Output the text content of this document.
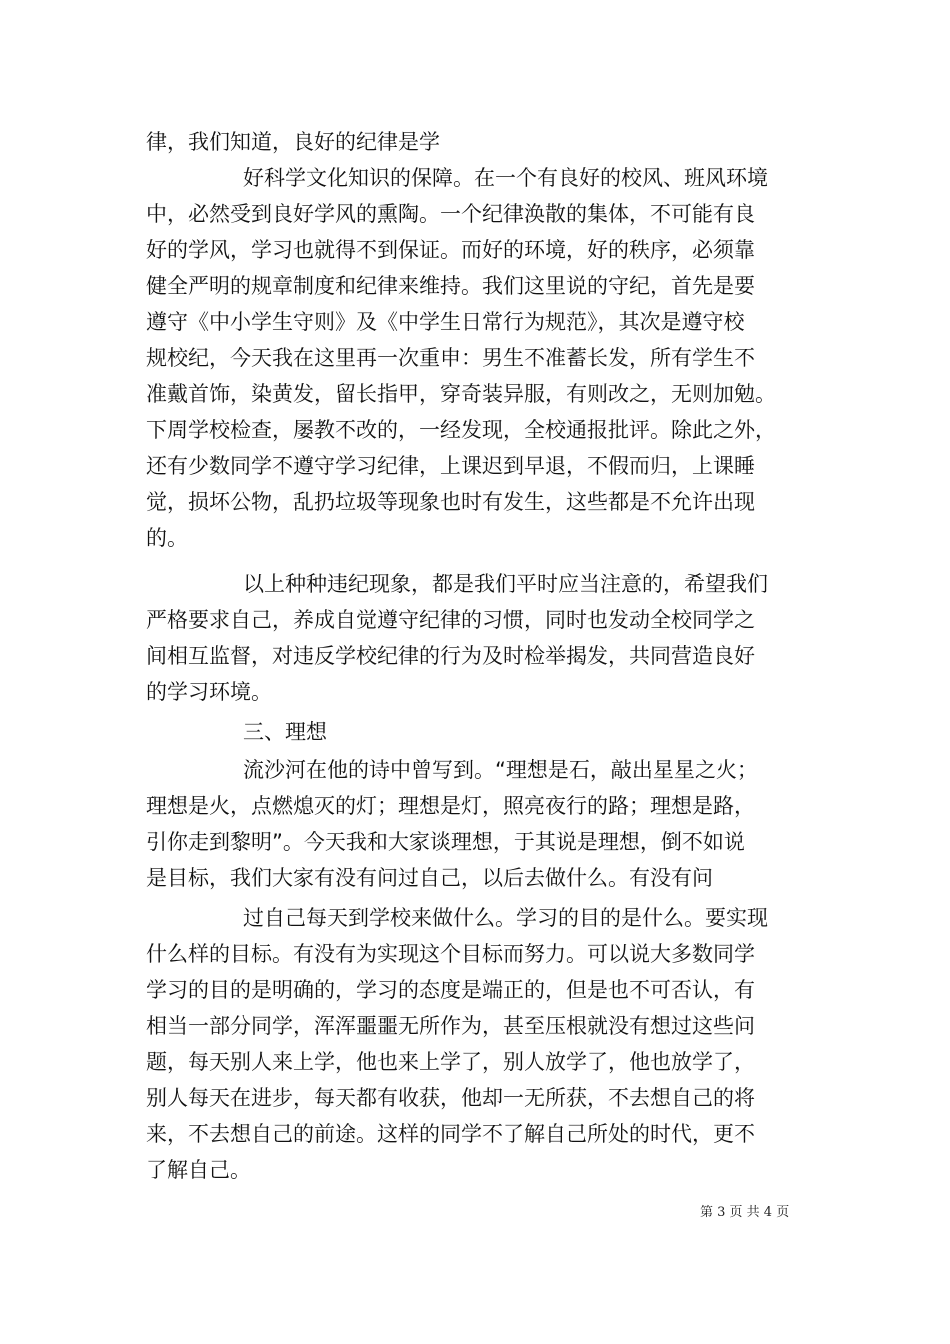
律，我们知道，良好的纪律是学
好科学文化知识的保障。在一个有良好的校风、班风环境
中，必然受到良好学风的熏陶。一个纪律涣散的集体，不可能有良
好的学风，学习也就得不到保证。而好的环境，好的秩序，必须靠
健全严明的规章制度和纪律来维持。我们这里说的守纪，首先是要
遵守《中小学生守则》及《中学生日常行为规范》，其次是遵守校
规校纪，今天我在这里再一次重申：男生不准蓄长发，所有学生不
准戴首饰，染黄发，留长指甲，穿奇装异服，有则改之，无则加勉。
下周学校检查，屡教不改的，一经发现，全校通报批评。除此之外，
还有少数同学不遵守学习纪律，上课迟到早退，不假而归，上课睡
觉，损坏公物，乱扔垃圾等现象也时有发生，这些都是不允许出现
的。
以上种种违纪现象，都是我们平时应当注意的，希望我们
严格要求自己，养成自觉遵守纪律的习惯，同时也发动全校同学之
间相互监督，对违反学校纪律的行为及时检举揭发，共同营造良好
的学习环境。
三、理想
流沙河在他的诗中曾写到。“理想是石，敲出星星之火；
理想是火，点燃熄灭的灯；理想是灯，照亮夜行的路；理想是路，
引你走到黎明”。今天我和大家谈理想，于其说是理想，倒不如说
是目标，我们大家有没有问过自己，以后去做什么。有没有问
过自己每天到学校来做什么。学习的目的是什么。要实现
什么样的目标。有没有为实现这个目标而努力。可以说大多数同学
学习的目的是明确的，学习的态度是端正的，但是也不可否认，有
相当一部分同学，浑浑噩噩无所作为，甚至压根就没有想过这些问
题，每天别人来上学，他也来上学了，别人放学了，他也放学了，
别人每天在进步，每天都有收获，他却一无所获，不去想自己的将
来，不去想自己的前途。这样的同学不了解自己所处的时代，更不
了解自己。
第 3 页 共 4 页
